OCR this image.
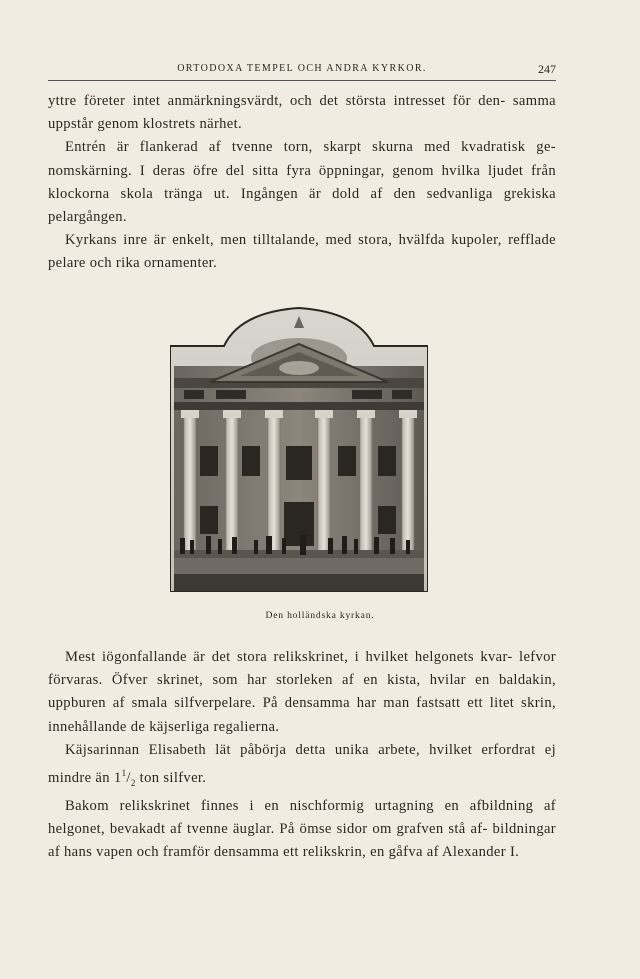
ORTODOXA TEMPEL OCH ANDRA KYRKOR.	247

yttre företer intet anmärkningsvärdt, och det största intresset för den- samma uppstår genom klostrets närhet.

Entrén är flankerad af tvenne torn, skarpt skurna med kvadratisk ge- nomskärning. I deras öfre del sitta fyra öppningar, genom hvilka ljudet från klockorna skola tränga ut. Ingången är dold af den sedvanliga grekiska pelargången.

Kyrkans inre är enkelt, men tilltalande, med stora, hvälfda kupoler, refflade pelare och rika ornamenter.

Den holländska kyrkan.

Mest iögonfallande är det stora relikskrinet, i hvilket helgonets kvar- lefvor förvaras. Öfver skrinet, som har storleken af en kista, hvilar en baldakin, uppburen af smala silfverpelare. På densamma har man fastsatt ett litet skrin, innehållande de käjserliga regalierna.

Käjsarinnan Elisabeth lät påbörja detta unika arbete, hvilket erfordrat ej mindre än $1^1/_2$ ton silfver.

Bakom relikskrinet finnes i en nischformig urtagning en afbildning af helgonet, bevakadt af tvenne äuglar. På ömse sidor om grafven stå af- bildningar af hans vapen och framför densamma ett relikskrin, en gåfva af Alexander I.
